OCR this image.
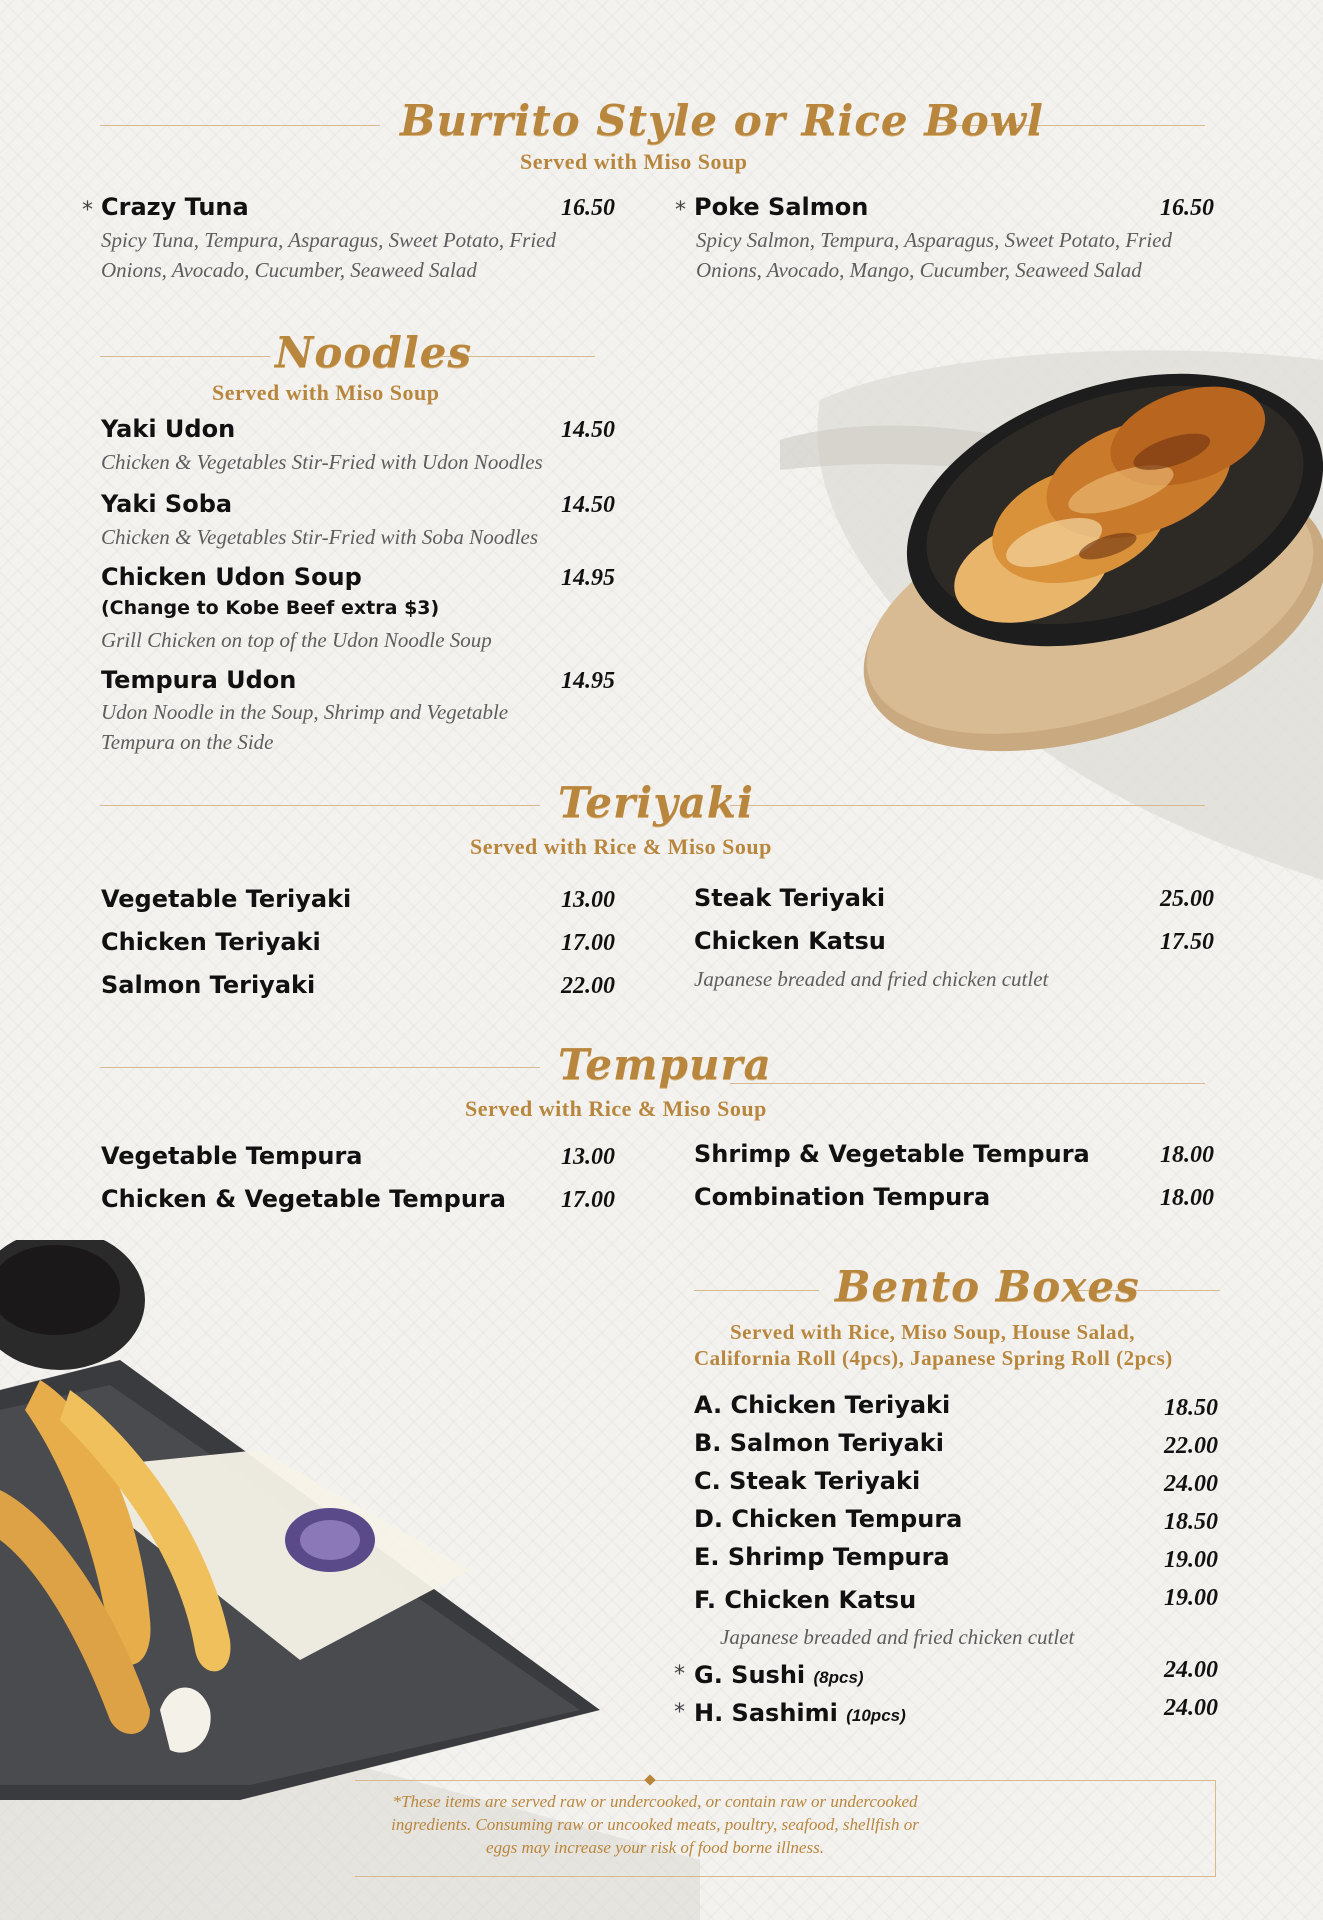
Burrito Style or Rice Bowl
Served with Miso Soup
* Crazy Tuna	16.50
Spicy Tuna, Tempura, Asparagus, Sweet Potato, Fried
Onions, Avocado, Cucumber, Seaweed Salad
* Poke Salmon	16.50
Spicy Salmon, Tempura, Asparagus, Sweet Potato, Fried
Onions, Avocado, Mango, Cucumber, Seaweed Salad
Noodles
Served with Miso Soup
Yaki Udon	14.50
Chicken & Vegetables Stir-Fried with Udon Noodles
Yaki Soba	14.50
Chicken & Vegetables Stir-Fried with Soba Noodles
Chicken Udon Soup	14.95
(Change to Kobe Beef extra $3)
Grill Chicken on top of the Udon Noodle Soup
Tempura Udon	14.95
Udon Noodle in the Soup, Shrimp and Vegetable
Tempura on the Side
Teriyaki
Served with Rice & Miso Soup
Vegetable Teriyaki	13.00
Chicken Teriyaki	17.00
Salmon Teriyaki	22.00
Steak Teriyaki	25.00
Chicken Katsu	17.50
Japanese breaded and fried chicken cutlet
Tempura
Served with Rice & Miso Soup
Vegetable Tempura	13.00
Chicken & Vegetable Tempura	17.00
Shrimp & Vegetable Tempura	18.00
Combination Tempura	18.00
Bento Boxes
Served with Rice, Miso Soup, House Salad,
California Roll (4pcs), Japanese Spring Roll (2pcs)
A. Chicken Teriyaki	18.50
B. Salmon Teriyaki	22.00
C. Steak Teriyaki	24.00
D. Chicken Tempura	18.50
E. Shrimp Tempura	19.00
F. Chicken Katsu	19.00
Japanese breaded and fried chicken cutlet
* G. Sushi (8pcs)	24.00
* H. Sashimi (10pcs)	24.00
*These items are served raw or undercooked, or contain raw or undercooked
ingredients. Consuming raw or uncooked meats, poultry, seafood, shellfish or
eggs may increase your risk of food borne illness.
